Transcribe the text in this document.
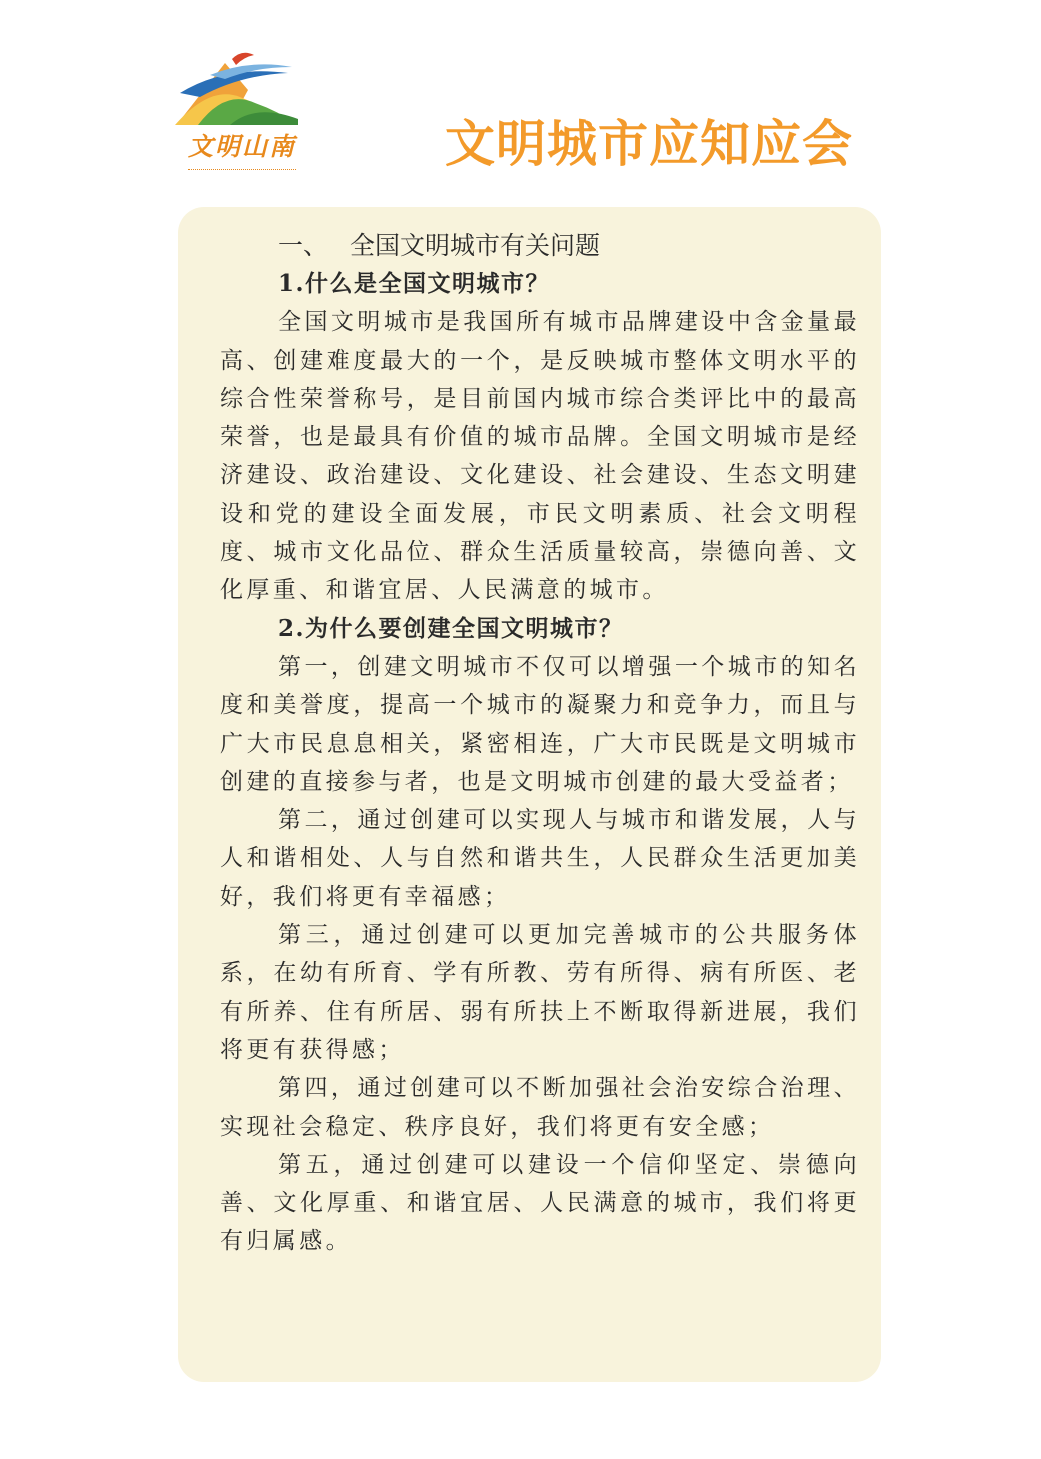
文明山南	文明城市应知应会

一、 全国文明城市有关问题

1.什么是全国文明城市？

全国文明城市是我国所有城市品牌建设中含金量最高、创建难度最大的一个，是反映城市整体文明水平的综合性荣誉称号，是目前国内城市综合类评比中的最高荣誉，也是最具有价值的城市品牌。全国文明城市是经济建设、政治建设、文化建设、社会建设、生态文明建设和党的建设全面发展，市民文明素质、社会文明程度、城市文化品位、群众生活质量较高，崇德向善、文化厚重、和谐宜居、人民满意的城市。

2.为什么要创建全国文明城市？

第一，创建文明城市不仅可以增强一个城市的知名度和美誉度，提高一个城市的凝聚力和竞争力，而且与广大市民息息相关，紧密相连，广大市民既是文明城市创建的直接参与者，也是文明城市创建的最大受益者；

第二，通过创建可以实现人与城市和谐发展，人与人和谐相处、人与自然和谐共生，人民群众生活更加美好，我们将更有幸福感；

第三，通过创建可以更加完善城市的公共服务体系，在幼有所育、学有所教、劳有所得、病有所医、老有所养、住有所居、弱有所扶上不断取得新进展，我们将更有获得感；

第四，通过创建可以不断加强社会治安综合治理、实现社会稳定、秩序良好，我们将更有安全感；

第五，通过创建可以建设一个信仰坚定、崇德向善、文化厚重、和谐宜居、人民满意的城市，我们将更有归属感。
